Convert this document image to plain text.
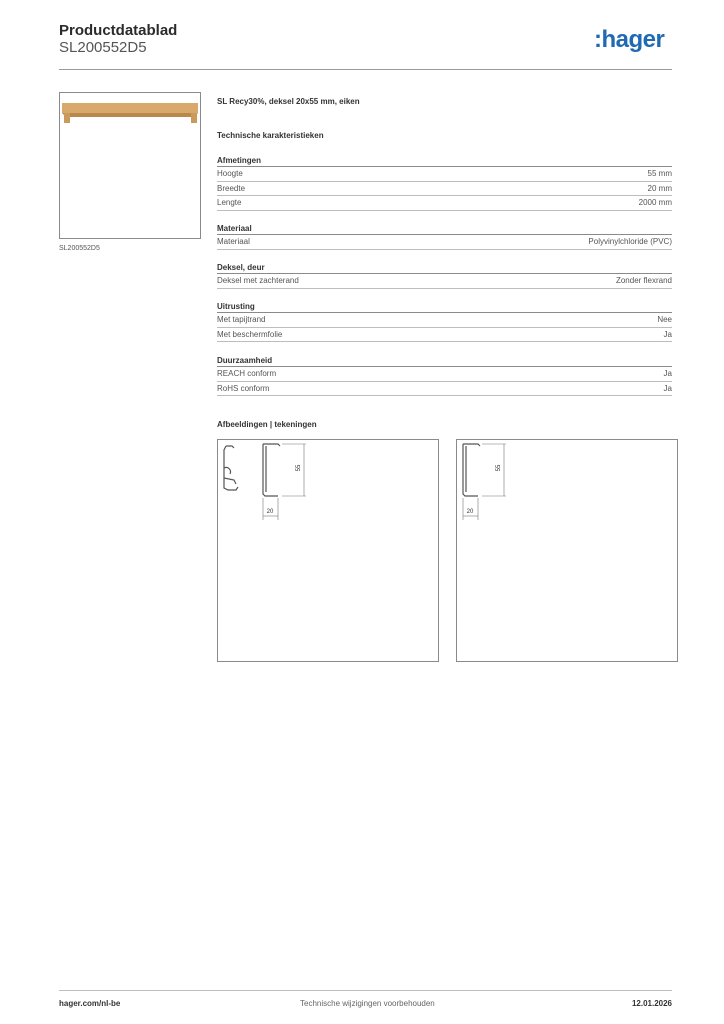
Productdatablad
SL200552D5	:hager
SL200552D5
SL Recy30%, deksel 20x55 mm, eiken
Technische karakteristieken
Afmetingen
Hoogte	55 mm
Breedte	20 mm
Lengte	2000 mm
Materiaal
Materiaal	Polyvinylchloride (PVC)
Deksel, deur
Deksel met zachterand	Zonder flexrand
Uitrusting
Met tapijtrand	Nee
Met beschermfolie	Ja
Duurzaamheid
REACH conform	Ja
RoHS conform	Ja
Afbeeldingen | tekeningen
55
20
55
20
hager.com/nl-be	Technische wijzigingen voorbehouden	12.01.2026
